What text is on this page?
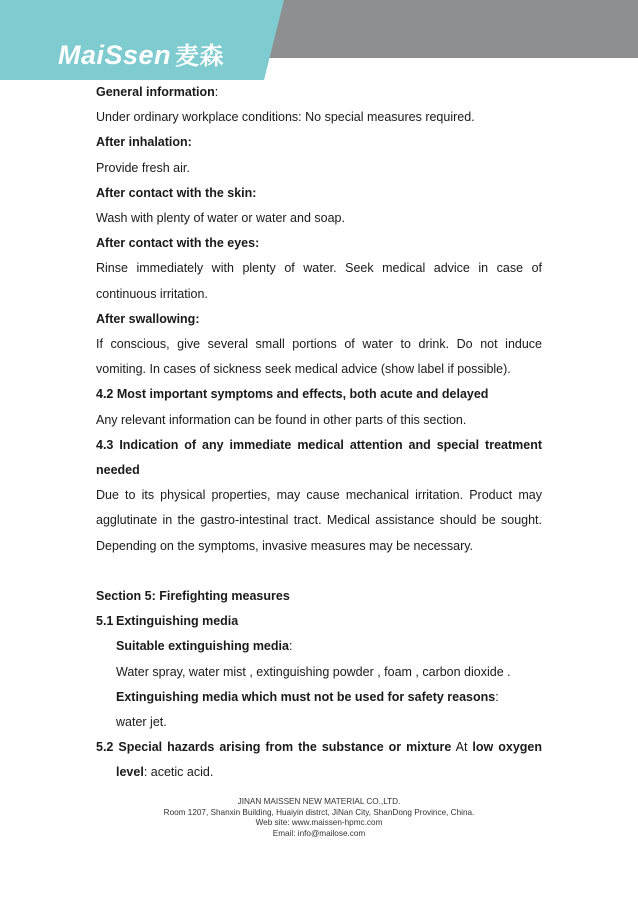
MaiSsen 麦森

General information:

Under ordinary workplace conditions: No special measures required.

After inhalation:

Provide fresh air.

After contact with the skin:

Wash with plenty of water or water and soap.

After contact with the eyes:

Rinse immediately with plenty of water. Seek medical advice in case of continuous irritation.

After swallowing:

If conscious, give several small portions of water to drink. Do not induce vomiting. In cases of sickness seek medical advice (show label if possible).

4.2 Most important symptoms and effects, both acute and delayed

Any relevant information can be found in other parts of this section.

4.3 Indication of any immediate medical attention and special treatment needed

Due to its physical properties, may cause mechanical irritation. Product may agglutinate in the gastro-intestinal tract. Medical assistance should be sought. Depending on the symptoms, invasive measures may be necessary.

Section 5: Firefighting measures

5.1 Extinguishing media

Suitable extinguishing media:

Water spray, water mist , extinguishing powder , foam , carbon dioxide .

Extinguishing media which must not be used for safety reasons:

water jet.

5.2 Special hazards arising from the substance or mixture At low oxygen level: acetic acid.

JINAN MAISSEN NEW MATERIAL CO.,LTD.
Room 1207, Shanxin Building, Huaiyin distrct, JiNan City, ShanDong Province, China.
Web site: www.maissen-hpmc.com
Email: info@mailose.com
